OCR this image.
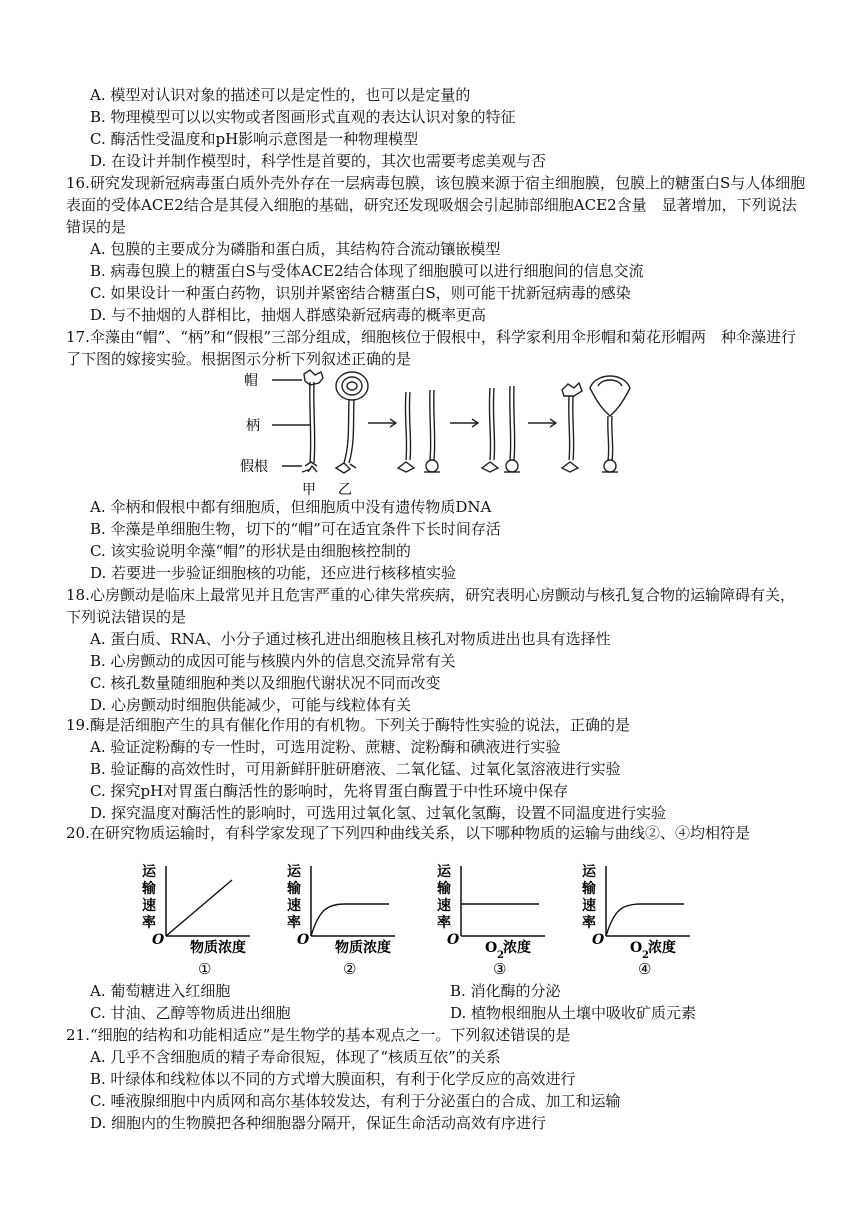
A. 模型对认识对象的描述可以是定性的，也可以是定量的

B. 物理模型可以以实物或者图画形式直观的表达认识对象的特征

C. 酶活性受温度和pH影响示意图是一种物理模型

D. 在设计并制作模型时，科学性是首要的，其次也需要考虑美观与否

16.研究发现新冠病毒蛋白质外壳外存在一层病毒包膜，该包膜来源于宿主细胞膜，包膜上的糖蛋白S与人体细胞表面的受体ACE2结合是其侵入细胞的基础，研究还发现吸烟会引起肺部细胞ACE2含量　显著增加，下列说法错误的是

A. 包膜的主要成分为磷脂和蛋白质，其结构符合流动镶嵌模型

B. 病毒包膜上的糖蛋白S与受体ACE2结合体现了细胞膜可以进行细胞间的信息交流

C. 如果设计一种蛋白药物，识别并紧密结合糖蛋白S，则可能干扰新冠病毒的感染

D. 与不抽烟的人群相比，抽烟人群感染新冠病毒的概率更高

17.伞藻由“帽”、“柄”和“假根”三部分组成，细胞核位于假根中，科学家利用伞形帽和菊花形帽两　种伞藻进行了下图的嫁接实验。根据图示分析下列叙述正确的是

帽
柄
假根
甲 乙

A. 伞柄和假根中都有细胞质，但细胞质中没有遗传物质DNA

B. 伞藻是单细胞生物，切下的“帽”可在适宜条件下长时间存活

C. 该实验说明伞藻“帽”的形状是由细胞核控制的

D. 若要进一步验证细胞核的功能，还应进行核移植实验

18.心房颤动是临床上最常见并且危害严重的心律失常疾病，研究表明心房颤动与核孔复合物的运输障碍有关，下列说法错误的是

A. 蛋白质、RNA、小分子通过核孔进出细胞核且核孔对物质进出也具有选择性

B. 心房颤动的成因可能与核膜内外的信息交流异常有关

C. 核孔数量随细胞种类以及细胞代谢状况不同而改变

D. 心房颤动时细胞供能减少，可能与线粒体有关

19.酶是活细胞产生的具有催化作用的有机物。下列关于酶特性实验的说法，正确的是

A. 验证淀粉酶的专一性时，可选用淀粉、蔗糖、淀粉酶和碘液进行实验

B. 验证酶的高效性时，可用新鲜肝脏研磨液、二氧化锰、过氧化氢溶液进行实验

C. 探究pH对胃蛋白酶活性的影响时，先将胃蛋白酶置于中性环境中保存

D. 探究温度对酶活性的影响时，可选用过氧化氢、过氧化氢酶，设置不同温度进行实验

20.在研究物质运输时，有科学家发现了下列四种曲线关系，以下哪种物质的运输与曲线②、④均相符是

运
输
速
率
O 物质浓度
①
运
输
速
率
O 物质浓度
②
运
输
速
率
O O 2 浓度
③
运
输
速
率
O O 2 浓度
④
A. 葡萄糖进入红细胞	B. 消化酶的分泌
C. 甘油、乙醇等物质进出细胞	D. 植物根细胞从土壤中吸收矿质元素

21.“细胞的结构和功能相适应”是生物学的基本观点之一。下列叙述错误的是

A. 几乎不含细胞质的精子寿命很短，体现了“核质互依”的关系

B. 叶绿体和线粒体以不同的方式增大膜面积，有利于化学反应的高效进行

C. 唾液腺细胞中内质网和高尔基体较发达，有利于分泌蛋白的合成、加工和运输

D. 细胞内的生物膜把各种细胞器分隔开，保证生命活动高效有序进行
